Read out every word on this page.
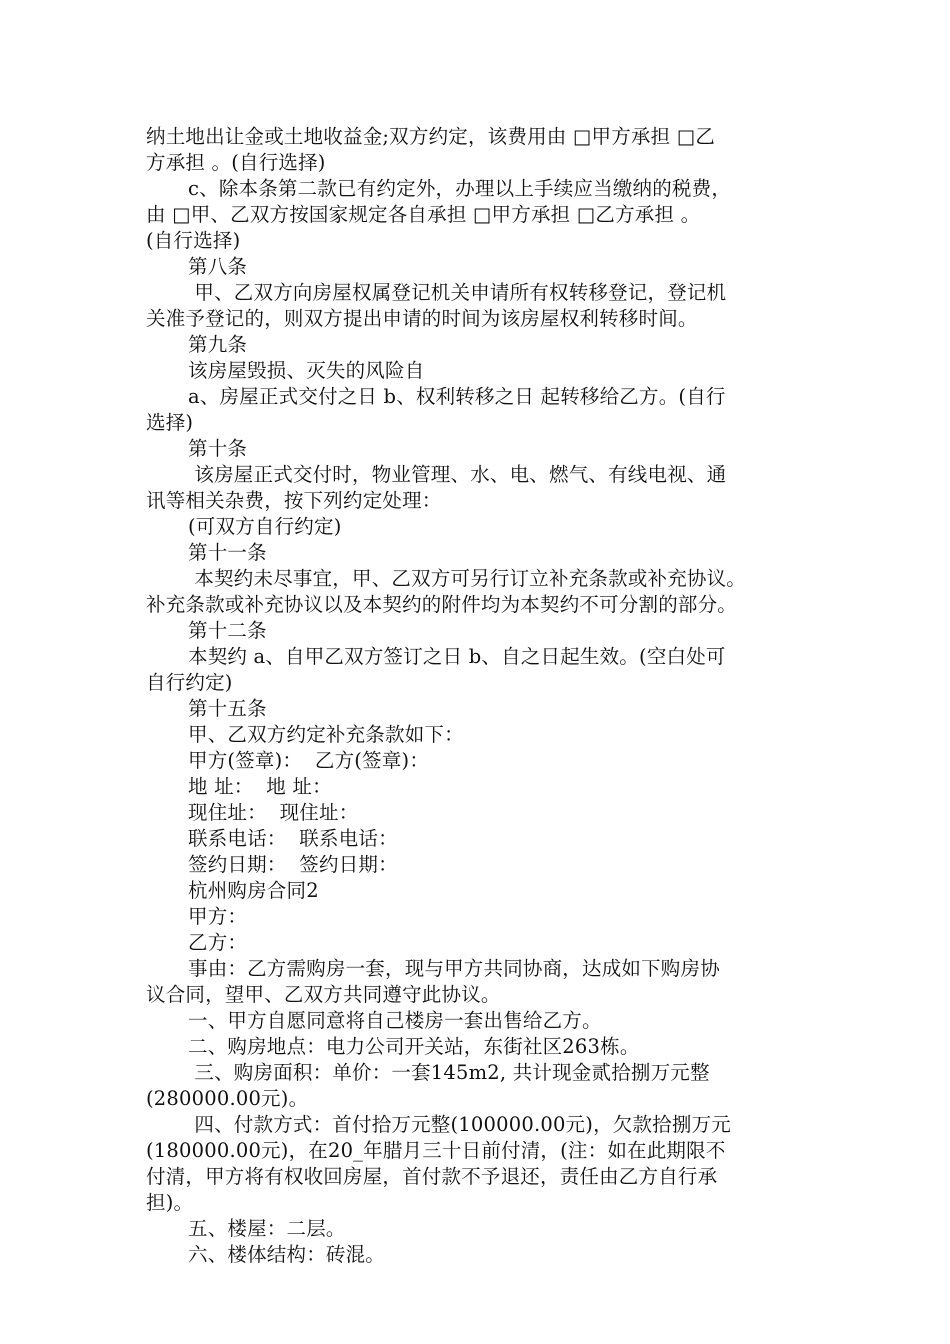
纳土地出让金或土地收益金;双方约定，该费用由 □甲方承担 □乙
方承担 。(自行选择)
c、除本条第二款已有约定外，办理以上手续应当缴纳的税费，
由 □甲、乙双方按国家规定各自承担 □甲方承担 □乙方承担 。
(自行选择)
第八条
甲、乙双方向房屋权属登记机关申请所有权转移登记，登记机
关准予登记的，则双方提出申请的时间为该房屋权利转移时间。
第九条
该房屋毁损、灭失的风险自
a、房屋正式交付之日 b、权利转移之日 起转移给乙方。(自行
选择)
第十条
该房屋正式交付时，物业管理、水、电、燃气、有线电视、通
讯等相关杂费，按下列约定处理：
(可双方自行约定)
第十一条
本契约未尽事宜，甲、乙双方可另行订立补充条款或补充协议。
补充条款或补充协议以及本契约的附件均为本契约不可分割的部分。
第十二条
本契约 a、自甲乙双方签订之日 b、自之日起生效。(空白处可
自行约定)
第十五条
甲、乙双方约定补充条款如下：
甲方(签章)：  乙方(签章)：
地 址：  地 址：
现住址：  现住址：
联系电话：  联系电话：
签约日期：  签约日期：
杭州购房合同2
甲方：
乙方：
事由：乙方需购房一套，现与甲方共同协商，达成如下购房协
议合同，望甲、乙双方共同遵守此协议。
一、甲方自愿同意将自己楼房一套出售给乙方。
二、购房地点：电力公司开关站，东街社区263栋。
三、购房面积：单价：一套145m2, 共计现金贰拾捌万元整
(280000.00元)。
四、付款方式：首付拾万元整(100000.00元)，欠款拾捌万元
(180000.00元)，在20_年腊月三十日前付清，(注：如在此期限不
付清，甲方将有权收回房屋，首付款不予退还，责任由乙方自行承
担)。
五、楼屋：二层。
六、楼体结构：砖混。
